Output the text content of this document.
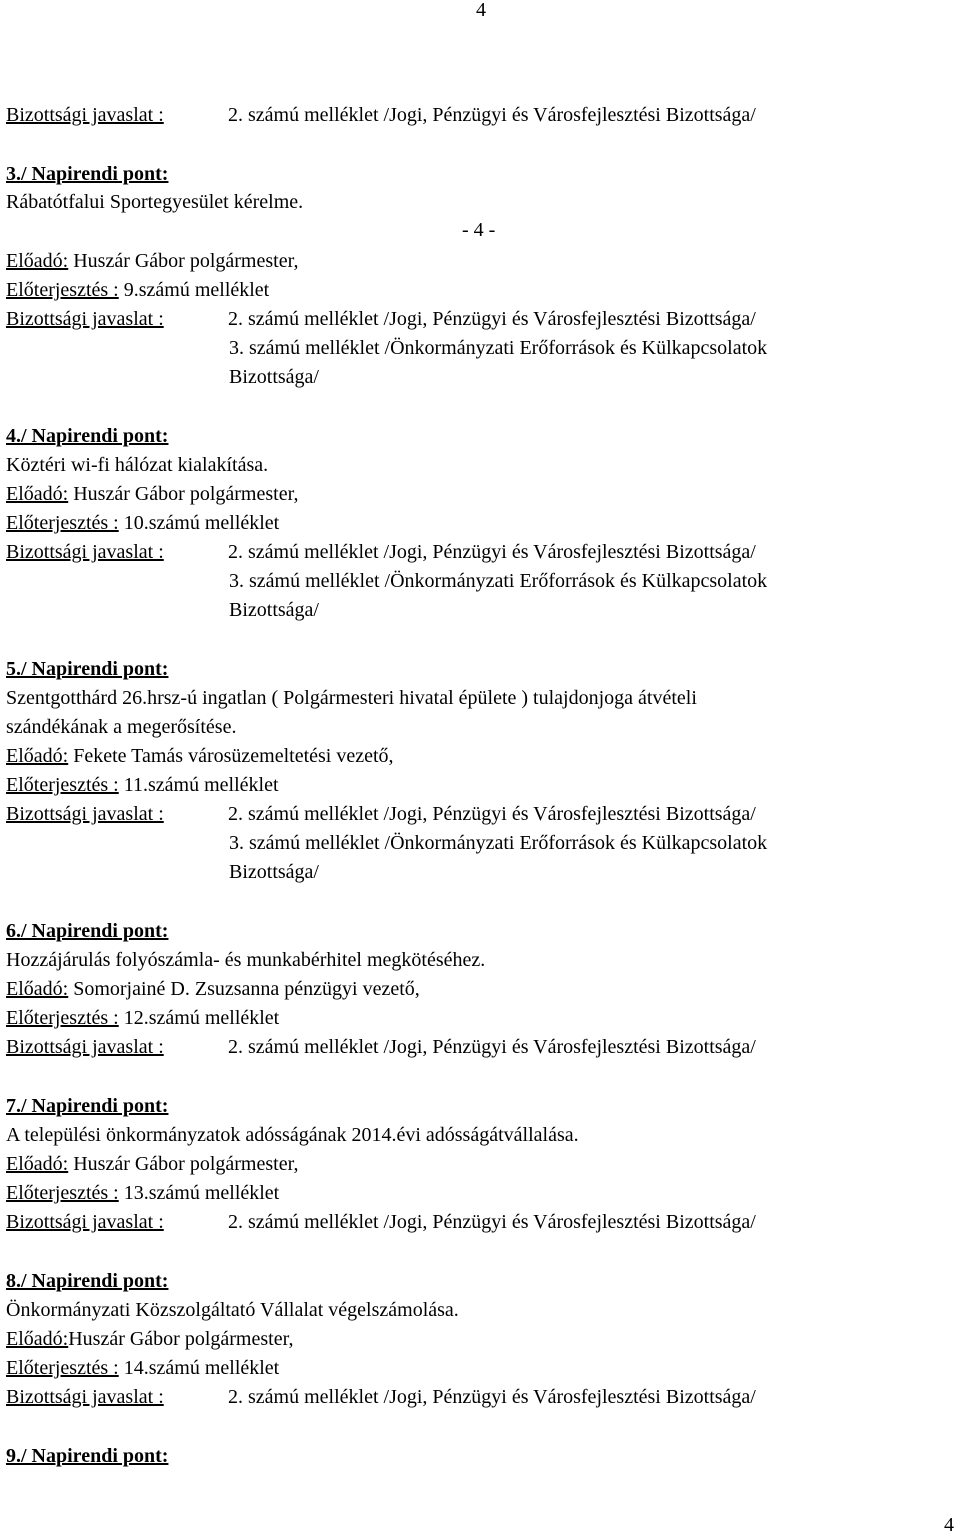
4
Bizottsági javaslat :	2. számú melléklet /Jogi, Pénzügyi és Városfejlesztési Bizottsága/
3./ Napirendi pont:
Rábatótfalui Sportegyesület kérelme.
- 4 -
Előadó: Huszár Gábor polgármester,
Előterjesztés : 9.számú melléklet
Bizottsági javaslat :	2. számú melléklet /Jogi, Pénzügyi és Városfejlesztési Bizottsága/
3. számú melléklet /Önkormányzati Erőforrások és Külkapcsolatok
Bizottsága/
4./ Napirendi pont:
Köztéri wi-fi hálózat kialakítása.
Előadó: Huszár Gábor polgármester,
Előterjesztés : 10.számú melléklet
Bizottsági javaslat :	2. számú melléklet /Jogi, Pénzügyi és Városfejlesztési Bizottsága/
3. számú melléklet /Önkormányzati Erőforrások és Külkapcsolatok
Bizottsága/
5./ Napirendi pont:
Szentgotthárd 26.hrsz-ú ingatlan ( Polgármesteri hivatal épülete ) tulajdonjoga átvételi
szándékának a megerősítése.
Előadó: Fekete Tamás városüzemeltetési vezető,
Előterjesztés : 11.számú melléklet
Bizottsági javaslat :	2. számú melléklet /Jogi, Pénzügyi és Városfejlesztési Bizottsága/
3. számú melléklet /Önkormányzati Erőforrások és Külkapcsolatok
Bizottsága/
6./ Napirendi pont:
Hozzájárulás folyószámla- és munkabérhitel megkötéséhez.
Előadó: Somorjainé D. Zsuzsanna pénzügyi vezető,
Előterjesztés : 12.számú melléklet
Bizottsági javaslat :	2. számú melléklet /Jogi, Pénzügyi és Városfejlesztési Bizottsága/
7./ Napirendi pont:
A települési önkormányzatok adósságának 2014.évi adósságátvállalása.
Előadó: Huszár Gábor polgármester,
Előterjesztés : 13.számú melléklet
Bizottsági javaslat :	2. számú melléklet /Jogi, Pénzügyi és Városfejlesztési Bizottsága/
8./ Napirendi pont:
Önkormányzati Közszolgáltató Vállalat végelszámolása.
Előadó:Huszár Gábor polgármester,
Előterjesztés : 14.számú melléklet
Bizottsági javaslat :	2. számú melléklet /Jogi, Pénzügyi és Városfejlesztési Bizottsága/
9./ Napirendi pont:
4
